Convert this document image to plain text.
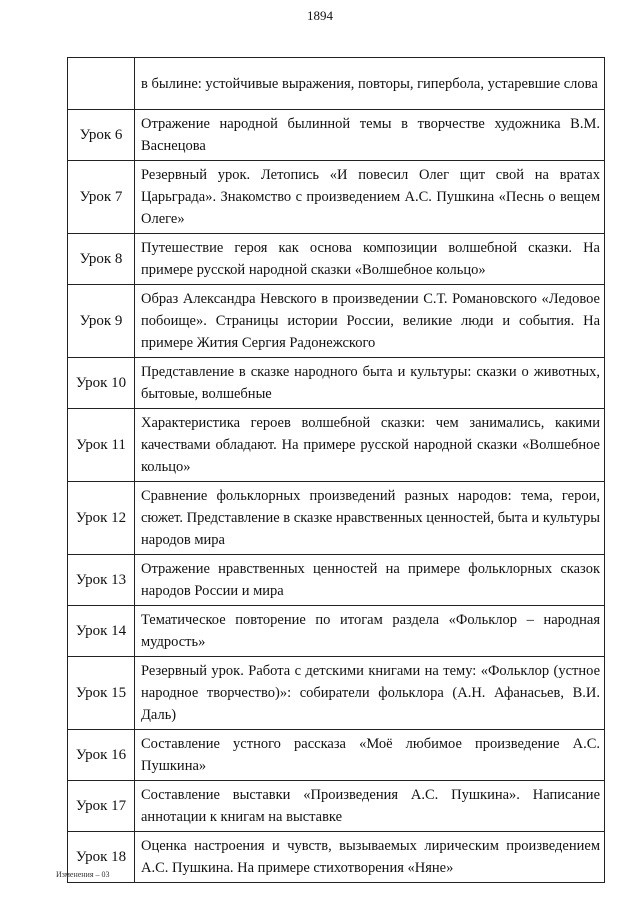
1894
	в былине: устойчивые выражения, повторы, гипербола, устаревшие слова
Урок 6	Отражение народной былинной темы в творчестве художника В.М. Васнецова
Урок 7	Резервный урок. Летопись «И повесил Олег щит свой на вратах Царьграда». Знакомство с произведением А.С. Пушкина «Песнь о вещем Олеге»
Урок 8	Путешествие героя как основа композиции волшебной сказки. На примере русской народной сказки «Волшебное кольцо»
Урок 9	Образ Александра Невского в произведении С.Т. Романовского «Ледовое побоище». Страницы истории России, великие люди и события. На примере Жития Сергия Радонежского
Урок 10	Представление в сказке народного быта и культуры: сказки о животных, бытовые, волшебные
Урок 11	Характеристика героев волшебной сказки: чем занимались, какими качествами обладают. На примере русской народной сказки «Волшебное кольцо»
Урок 12	Сравнение фольклорных произведений разных народов: тема, герои, сюжет. Представление в сказке нравственных ценностей, быта и культуры народов мира
Урок 13	Отражение нравственных ценностей на примере фольклорных сказок народов России и мира
Урок 14	Тематическое повторение по итогам раздела «Фольклор – народная мудрость»
Урок 15	Резервный урок. Работа с детскими книгами на тему: «Фольклор (устное народное творчество)»: собиратели фольклора (А.Н. Афанасьев, В.И. Даль)
Урок 16	Составление устного рассказа «Моё любимое произведение А.С. Пушкина»
Урок 17	Составление выставки «Произведения А.С. Пушкина». Написание аннотации к книгам на выставке
Урок 18	Оценка настроения и чувств, вызываемых лирическим произведением А.С. Пушкина. На примере стихотворения «Няне»
Изменения – 03
